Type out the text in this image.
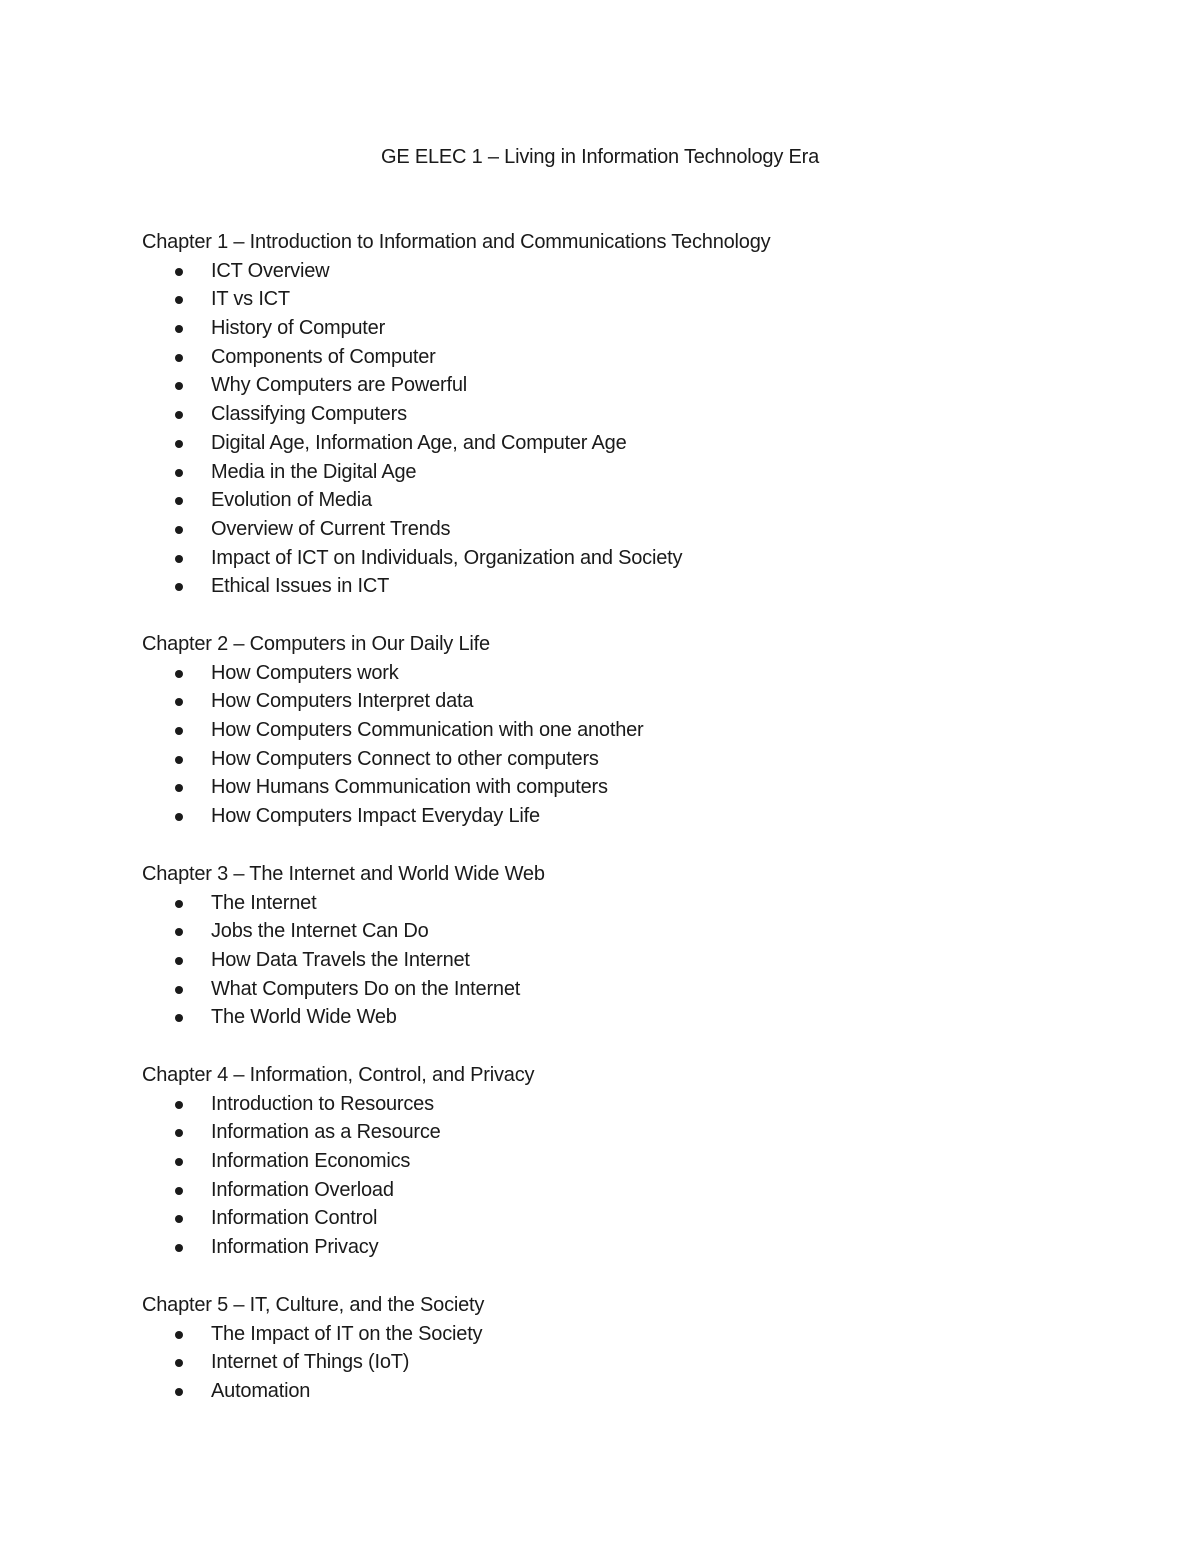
GE ELEC 1 – Living in Information Technology Era
Chapter 1 – Introduction to Information and Communications Technology
ICT Overview
IT vs ICT
History of Computer
Components of Computer
Why Computers are Powerful
Classifying Computers
Digital Age, Information Age, and Computer Age
Media in the Digital Age
Evolution of Media
Overview of Current Trends
Impact of ICT on Individuals, Organization and Society
Ethical Issues in ICT
Chapter 2 – Computers in Our Daily Life
How Computers work
How Computers Interpret data
How Computers Communication with one another
How Computers Connect to other computers
How Humans Communication with computers
How Computers Impact Everyday Life
Chapter 3 – The Internet and World Wide Web
The Internet
Jobs the Internet Can Do
How Data Travels the Internet
What Computers Do on the Internet
The World Wide Web
Chapter 4 – Information, Control, and Privacy
Introduction to Resources
Information as a Resource
Information Economics
Information Overload
Information Control
Information Privacy
Chapter 5 – IT, Culture, and the Society
The Impact of IT on the Society
Internet of Things (IoT)
Automation
